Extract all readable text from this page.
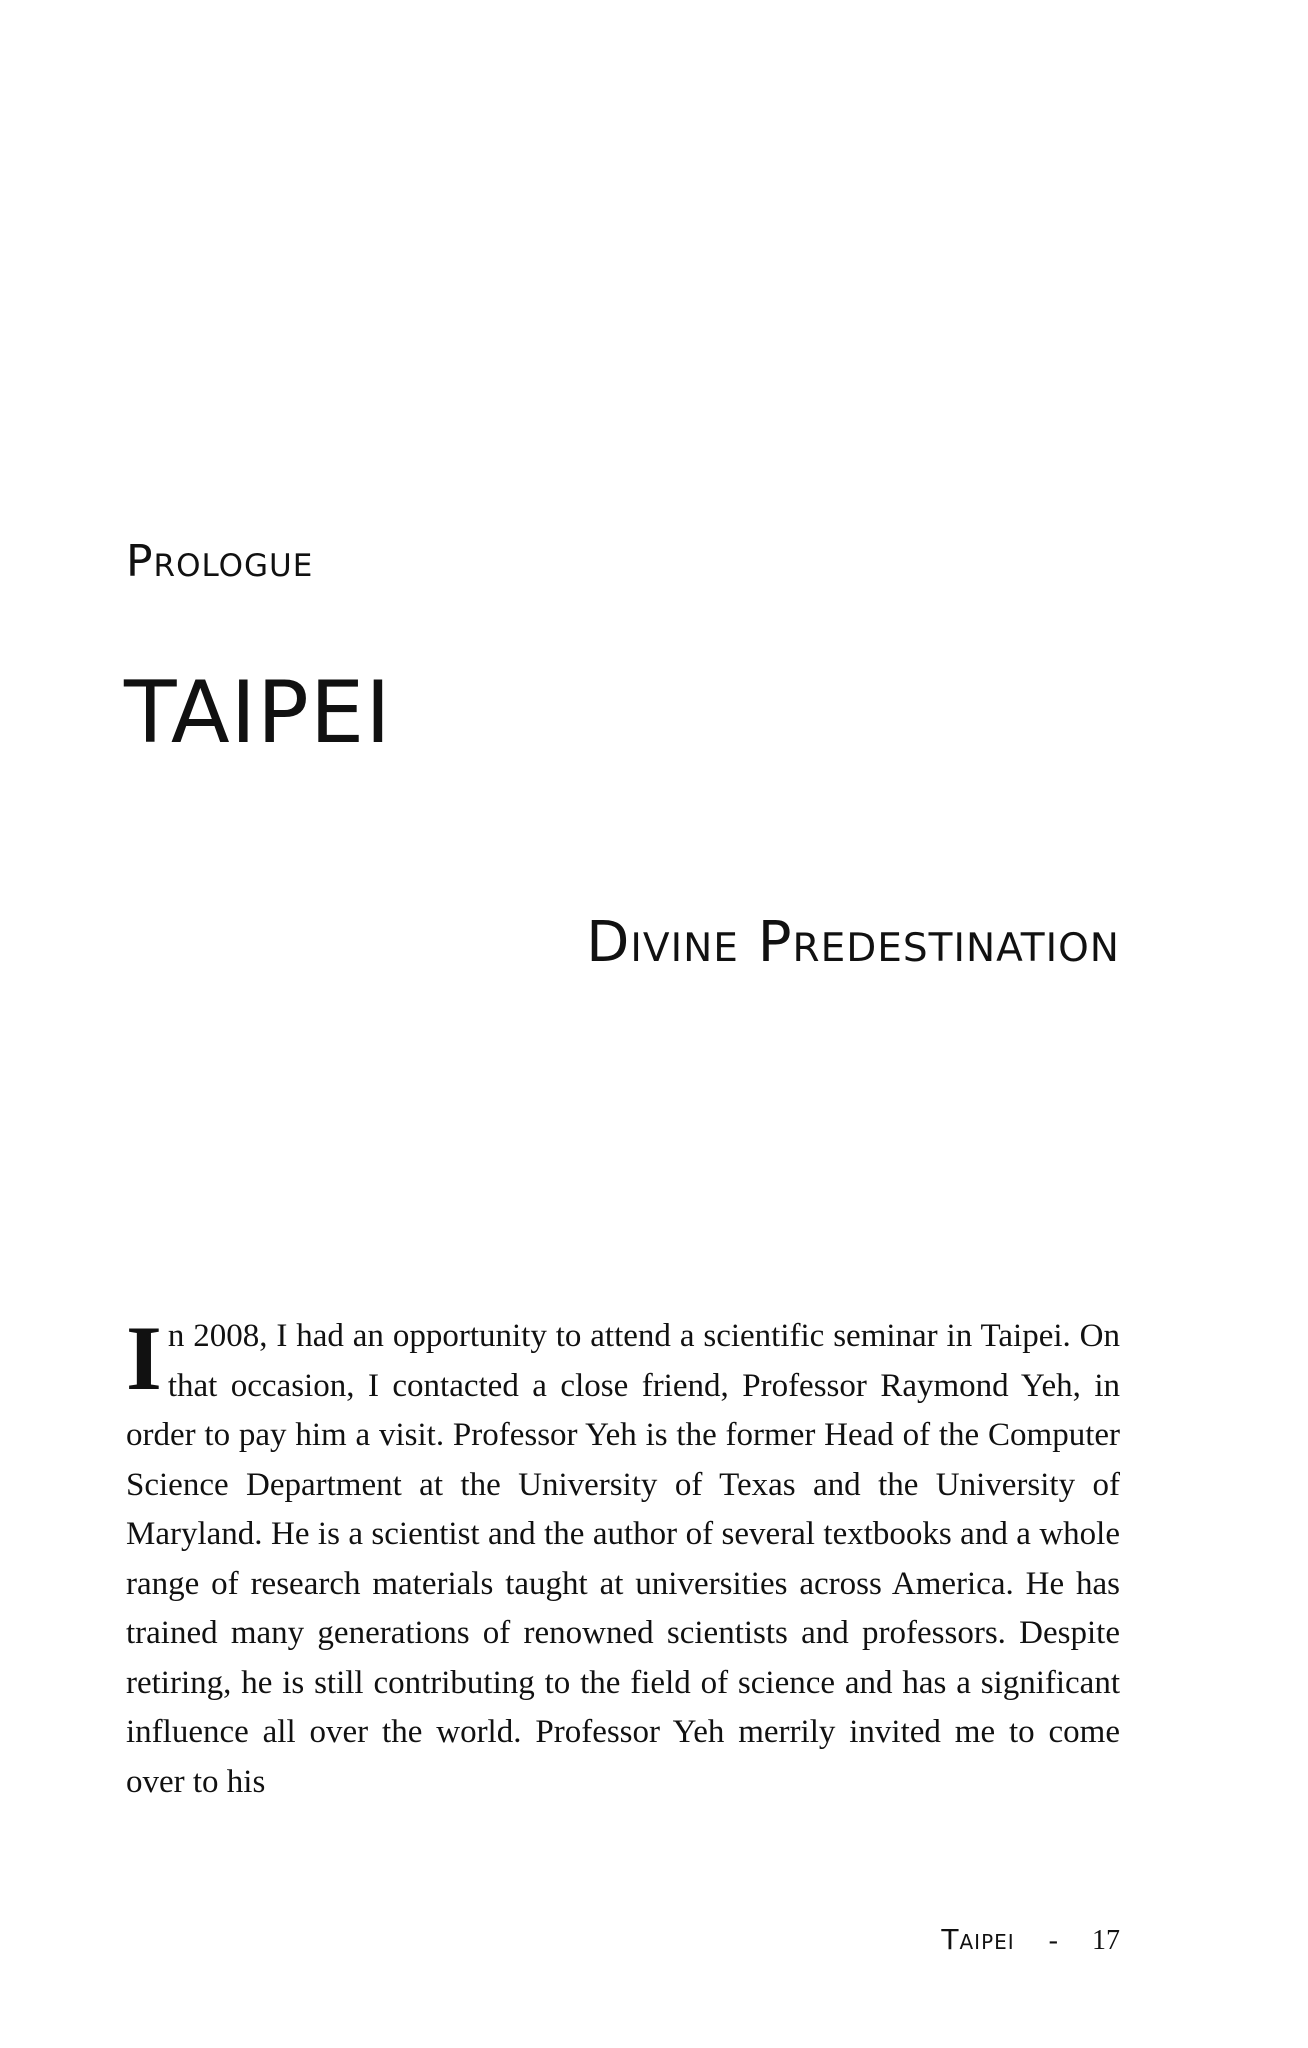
Prologue
TAIPEI
Divine Predestination
In 2008, I had an opportunity to attend a scientific seminar in Taipei. On that occasion, I contacted a close friend, Professor Raymond Yeh, in order to pay him a visit. Professor Yeh is the former Head of the Computer Science Department at the University of Texas and the University of Maryland. He is a scientist and the author of several textbooks and a whole range of research materials taught at universities across America. He has trained many generations of renowned scientists and professors. Despite retiring, he is still contributing to the field of science and has a significant influence all over the world. Professor Yeh merrily invited me to come over to his
Taipei - 17
